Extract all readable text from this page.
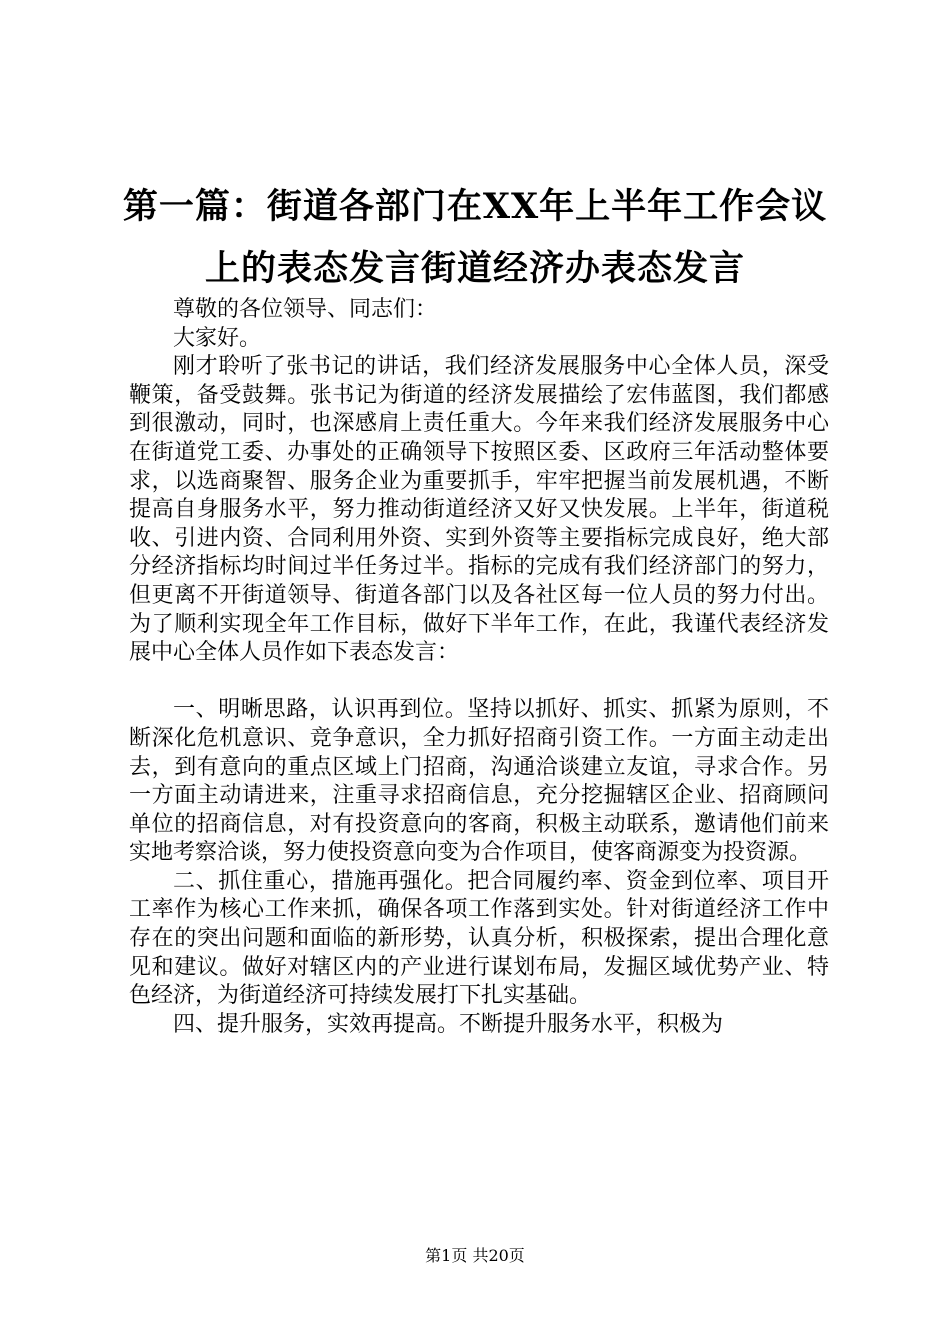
第一篇：街道各部门在XX年上半年工作会议
上的表态发言街道经济办表态发言

尊敬的各位领导、同志们：

大家好。

刚才聆听了张书记的讲话，我们经济发展服务中心全体人员，深受鞭策，备受鼓舞。张书记为街道的经济发展描绘了宏伟蓝图，我们都感到很激动，同时，也深感肩上责任重大。今年来我们经济发展服务中心在街道党工委、办事处的正确领导下按照区委、区政府三年活动整体要求，以选商聚智、服务企业为重要抓手，牢牢把握当前发展机遇，不断提高自身服务水平，努力推动街道经济又好又快发展。上半年，街道税收、引进内资、合同利用外资、实到外资等主要指标完成良好，绝大部分经济指标均时间过半任务过半。指标的完成有我们经济部门的努力，但更离不开街道领导、街道各部门以及各社区每一位人员的努力付出。为了顺利实现全年工作目标，做好下半年工作，在此，我谨代表经济发展中心全体人员作如下表态发言：

一、明晰思路，认识再到位。坚持以抓好、抓实、抓紧为原则，不断深化危机意识、竞争意识，全力抓好招商引资工作。一方面主动走出去，到有意向的重点区域上门招商，沟通洽谈建立友谊，寻求合作。另一方面主动请进来，注重寻求招商信息，充分挖掘辖区企业、招商顾问单位的招商信息，对有投资意向的客商，积极主动联系，邀请他们前来实地考察洽谈，努力使投资意向变为合作项目，使客商源变为投资源。

二、抓住重心，措施再强化。把合同履约率、资金到位率、项目开工率作为核心工作来抓，确保各项工作落到实处。针对街道经济工作中存在的突出问题和面临的新形势，认真分析，积极探索，提出合理化意见和建议。做好对辖区内的产业进行谋划布局，发掘区域优势产业、特色经济，为街道经济可持续发展打下扎实基础。

四、提升服务，实效再提高。不断提升服务水平，积极为

第1页 共20页
